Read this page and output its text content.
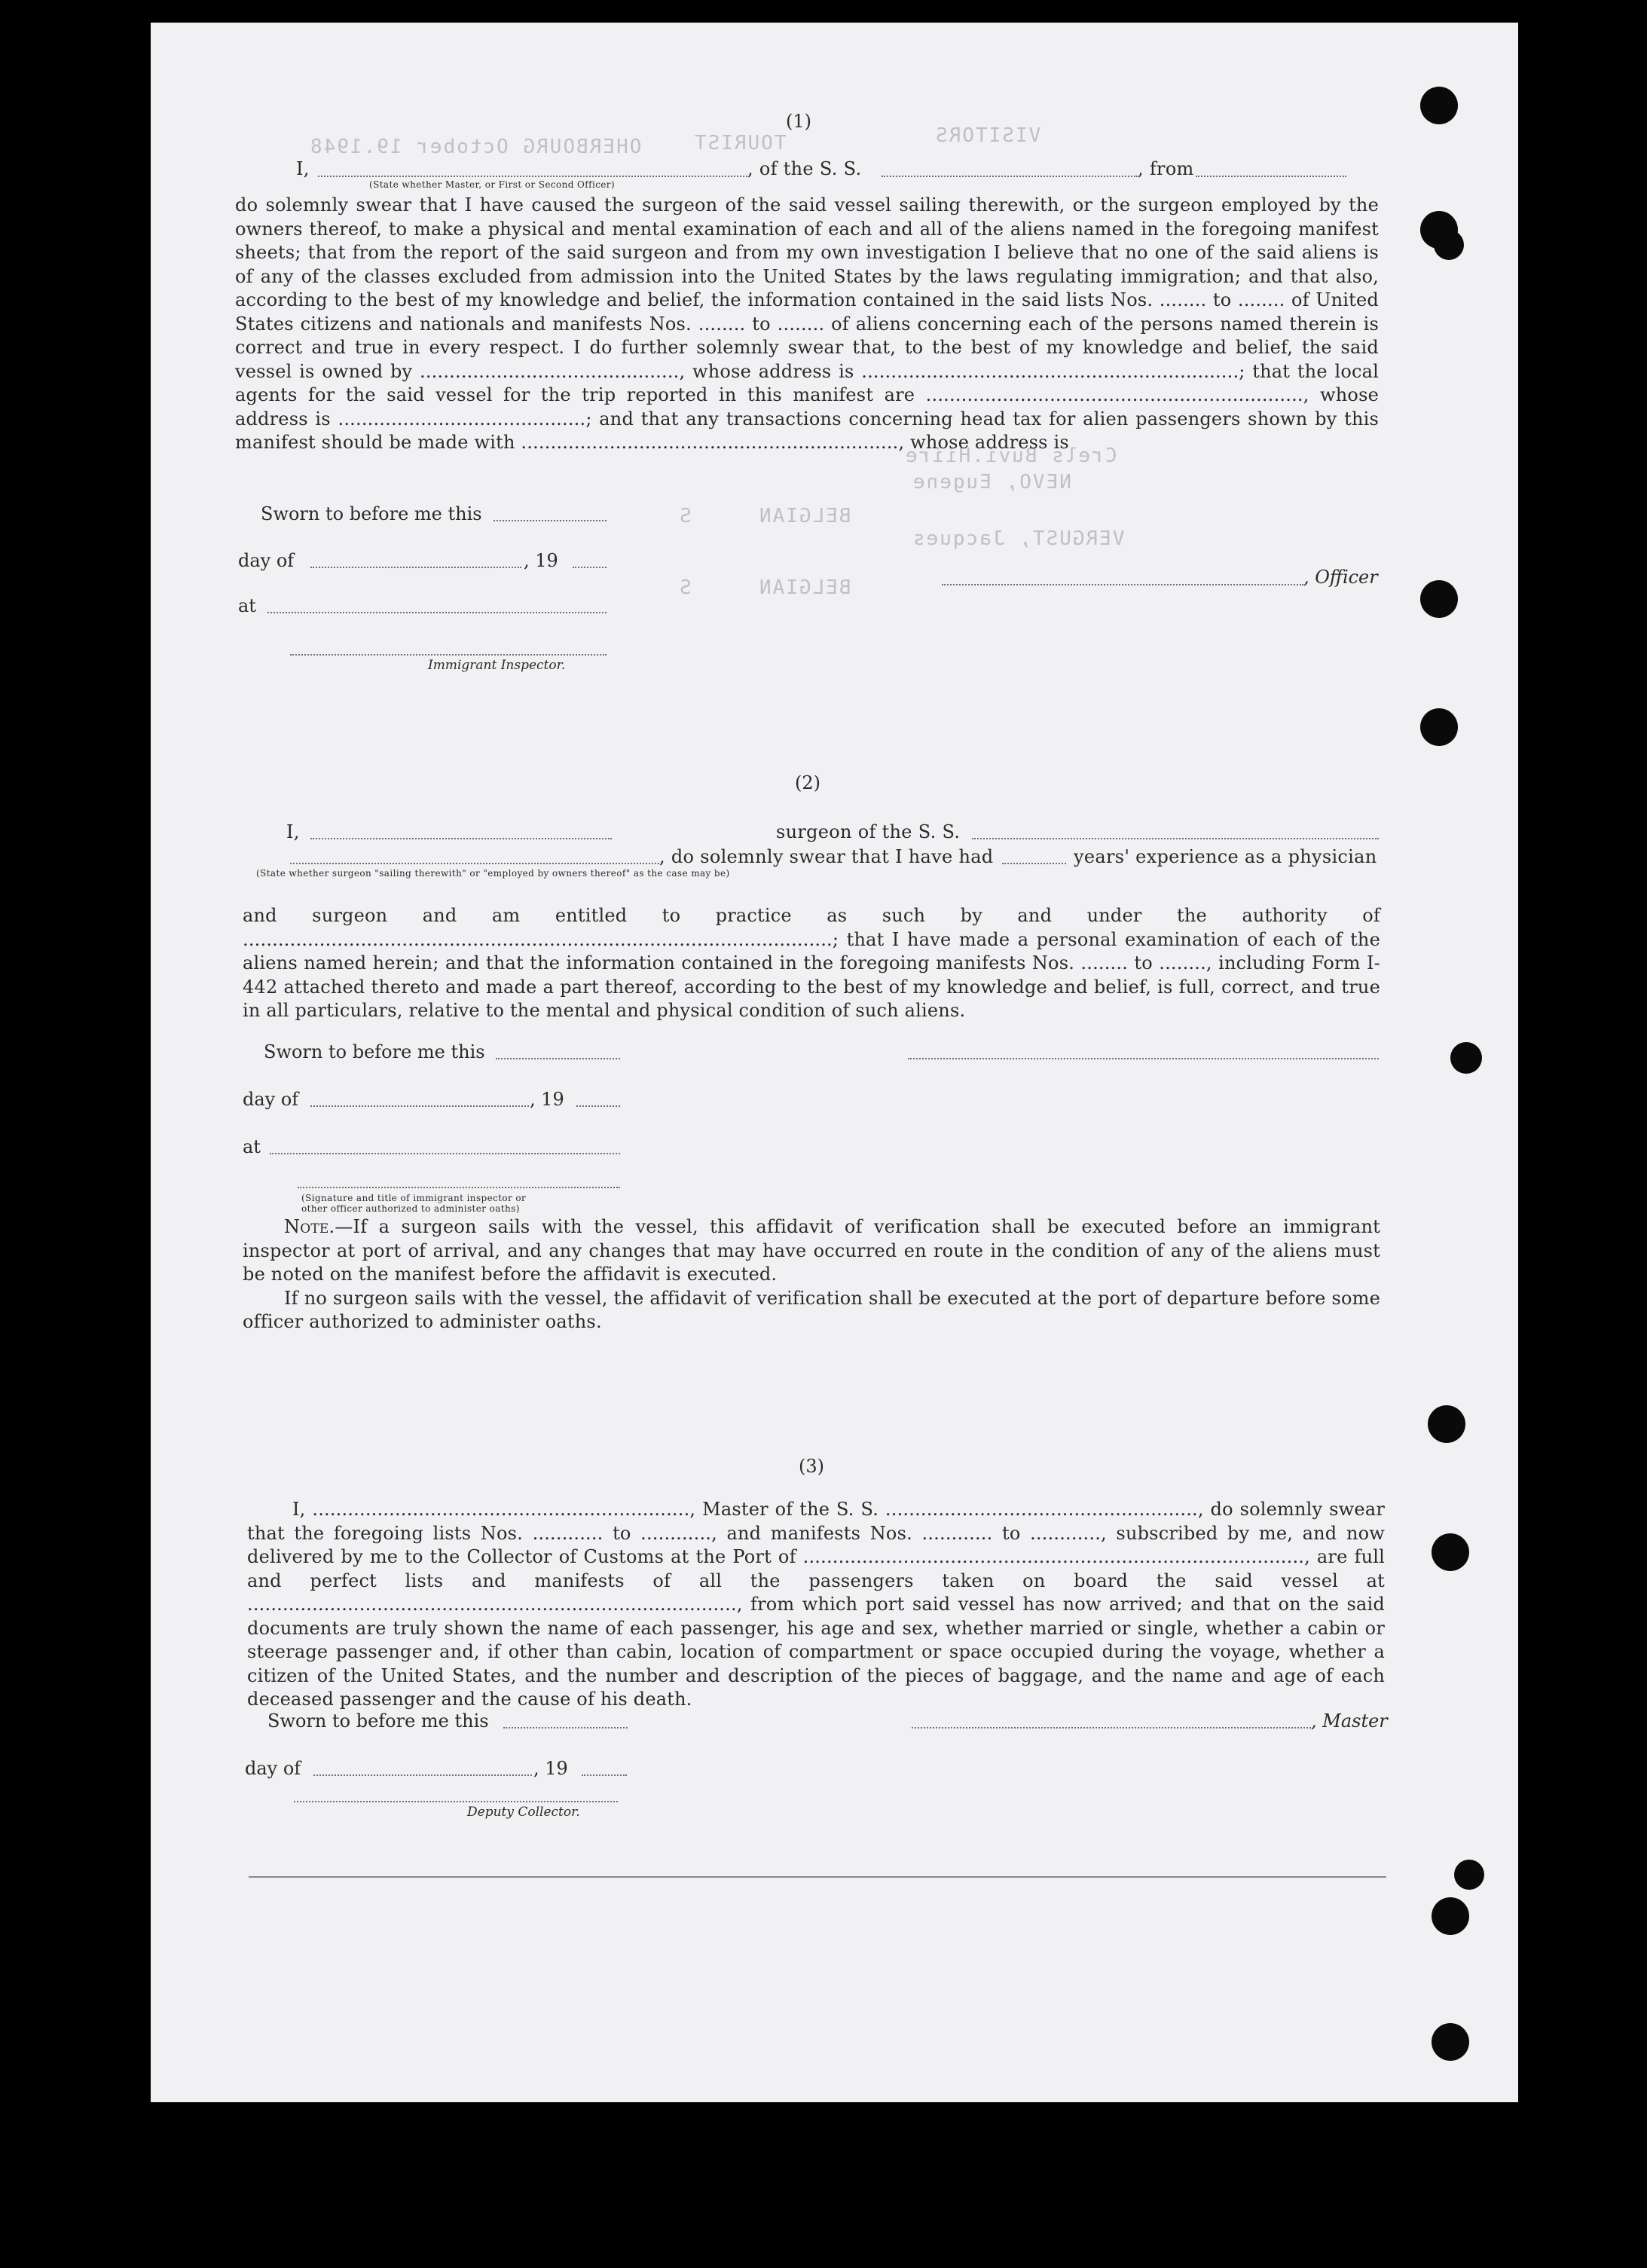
OHERBOURG October 19.1948	TOURIST	VISITORS
Crels Buvi.Hiire
NEVO, Eugene
BELGIAN     S
VERGUST, Jacques
BELGIAN     S
(1)
I,	, of the S. S.	, from
(State whether Master, or First or Second Officer)

do solemnly swear that I have caused the surgeon of the said vessel sailing therewith, or the surgeon employed by the owners thereof, to make a physical and mental examination of each and all of the aliens named in the foregoing manifest sheets; that from the report of the said surgeon and from my own investigation I believe that no one of the said aliens is of any of the classes excluded from admission into the United States by the laws regulating immigration; and that also, according to the best of my knowledge and belief, the information contained in the said lists Nos. ........ to ........ of United States citizens and nationals and manifests Nos. ........ to ........ of aliens concerning each of the persons named therein is correct and true in every respect. I do further solemnly swear that, to the best of my knowledge and belief, the said vessel is owned by ............................................, whose address is ................................................................; that the local agents for the said vessel for the trip reported in this manifest are ................................................................, whose address is ..........................................; and that any transactions concerning head tax for alien passengers shown by this manifest should be made with ................................................................, whose address is

Sworn to before me this
day of	, 19
at
Immigrant Inspector.
, Officer
(2)
I,	surgeon of the S. S.
, do solemnly swear that I have had	years' experience as a physician
(State whether surgeon "sailing therewith" or "employed by owners thereof" as the case may be)

and surgeon and am entitled to practice as such by and under the authority of ....................................................................................................; that I have made a personal examination of each of the aliens named herein; and that the information contained in the foregoing manifests Nos. ........ to ........, including Form I-442 attached thereto and made a part thereof, according to the best of my knowledge and belief, is full, correct, and true in all particulars, relative to the mental and physical condition of such aliens.

Sworn to before me this
day of	, 19
at
(Signature and title of immigrant inspector or
other officer authorized to administer oaths)

Note.—If a surgeon sails with the vessel, this affidavit of verification shall be executed before an immigrant inspector at port of arrival, and any changes that may have occurred en route in the condition of any of the aliens must be noted on the manifest before the affidavit is executed.

If no surgeon sails with the vessel, the affidavit of verification shall be executed at the port of departure before some officer authorized to administer oaths.

(3)

I, ................................................................, Master of the S. S. ....................................................., do solemnly swear that the foregoing lists Nos. ............ to ............, and manifests Nos. ............ to ............, subscribed by me, and now delivered by me to the Collector of Customs at the Port of ....................................................................................., are full and perfect lists and manifests of all the passengers taken on board the said vessel at ..................................................................................., from which port said vessel has now arrived; and that on the said documents are truly shown the name of each passenger, his age and sex, whether married or single, whether a cabin or steerage passenger and, if other than cabin, location of compartment or space occupied during the voyage, whether a citizen of the United States, and the number and description of the pieces of baggage, and the name and age of each deceased passenger and the cause of his death.

Sworn to before me this	, Master
day of	, 19
Deputy Collector.
